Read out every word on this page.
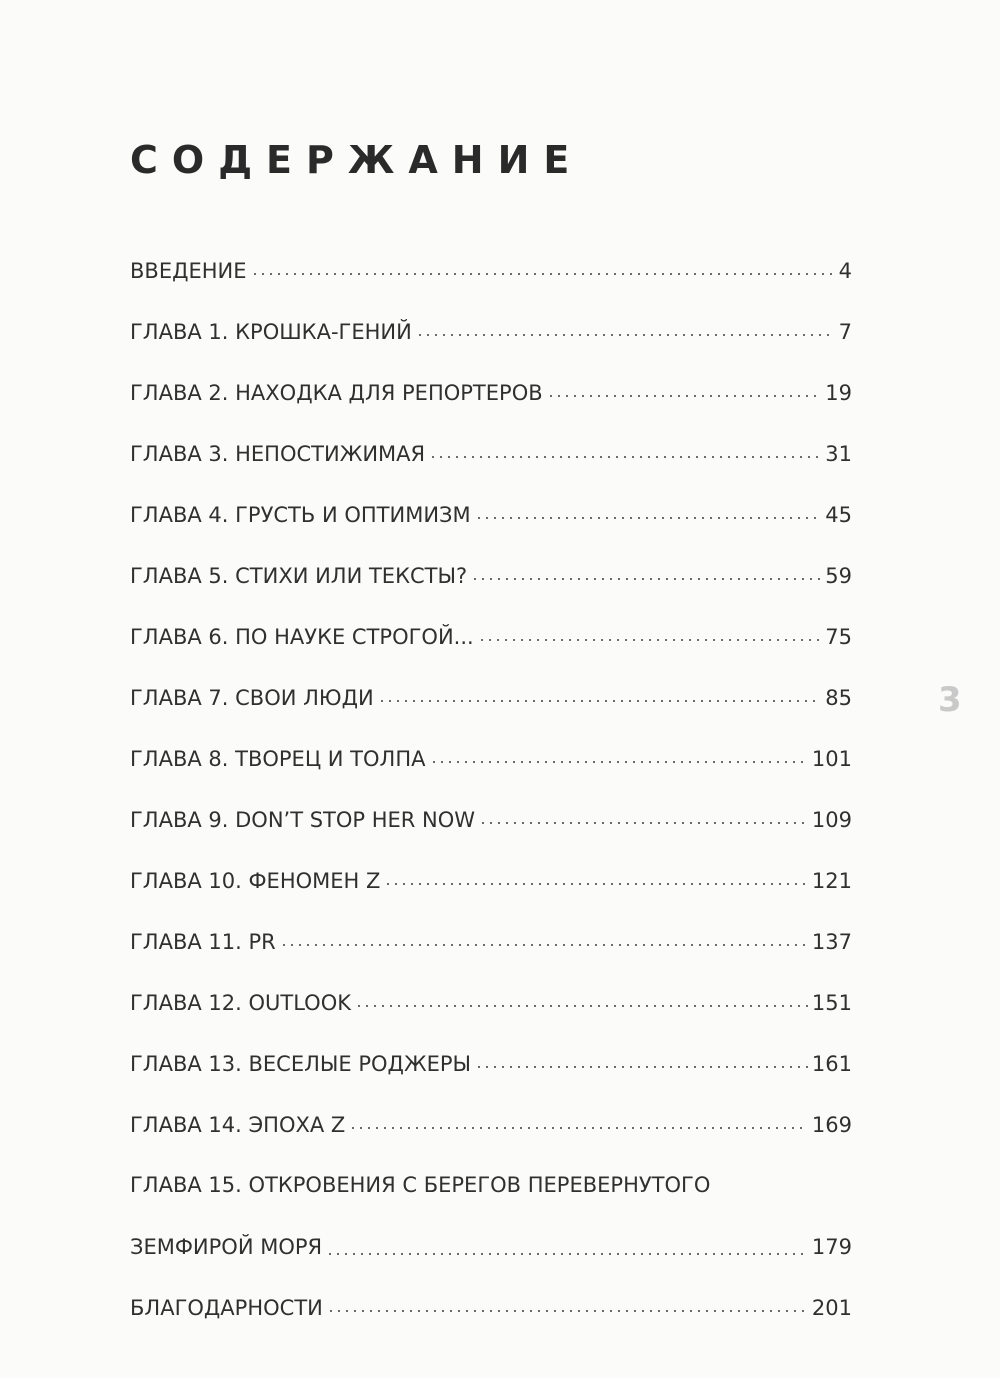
СОДЕРЖАНИЕ
ВВЕДЕНИЕ	4
ГЛАВА 1. КРОШКА-ГЕНИЙ	7
ГЛАВА 2. НАХОДКА ДЛЯ РЕПОРТЕРОВ	19
ГЛАВА 3. НЕПОСТИЖИМАЯ	31
ГЛАВА 4. ГРУСТЬ И ОПТИМИЗМ	45
ГЛАВА 5. СТИХИ ИЛИ ТЕКСТЫ?	59
ГЛАВА 6. ПО НАУКЕ СТРОГОЙ...	75
ГЛАВА 7. СВОИ ЛЮДИ	85
ГЛАВА 8. ТВОРЕЦ И ТОЛПА	101
ГЛАВА 9. DON’T STOP HER NOW	109
ГЛАВА 10. ФЕНОМЕН Z	121
ГЛАВА 11. PR	137
ГЛАВА 12. OUTLOOK	151
ГЛАВА 13. ВЕСЕЛЫЕ РОДЖЕРЫ	161
ГЛАВА 14. ЭПОХА Z	169
ГЛАВА 15. ОТКРОВЕНИЯ С БЕРЕГОВ ПЕРЕВЕРНУТОГО
ЗЕМФИРОЙ МОРЯ	179
БЛАГОДАРНОСТИ	201
3
